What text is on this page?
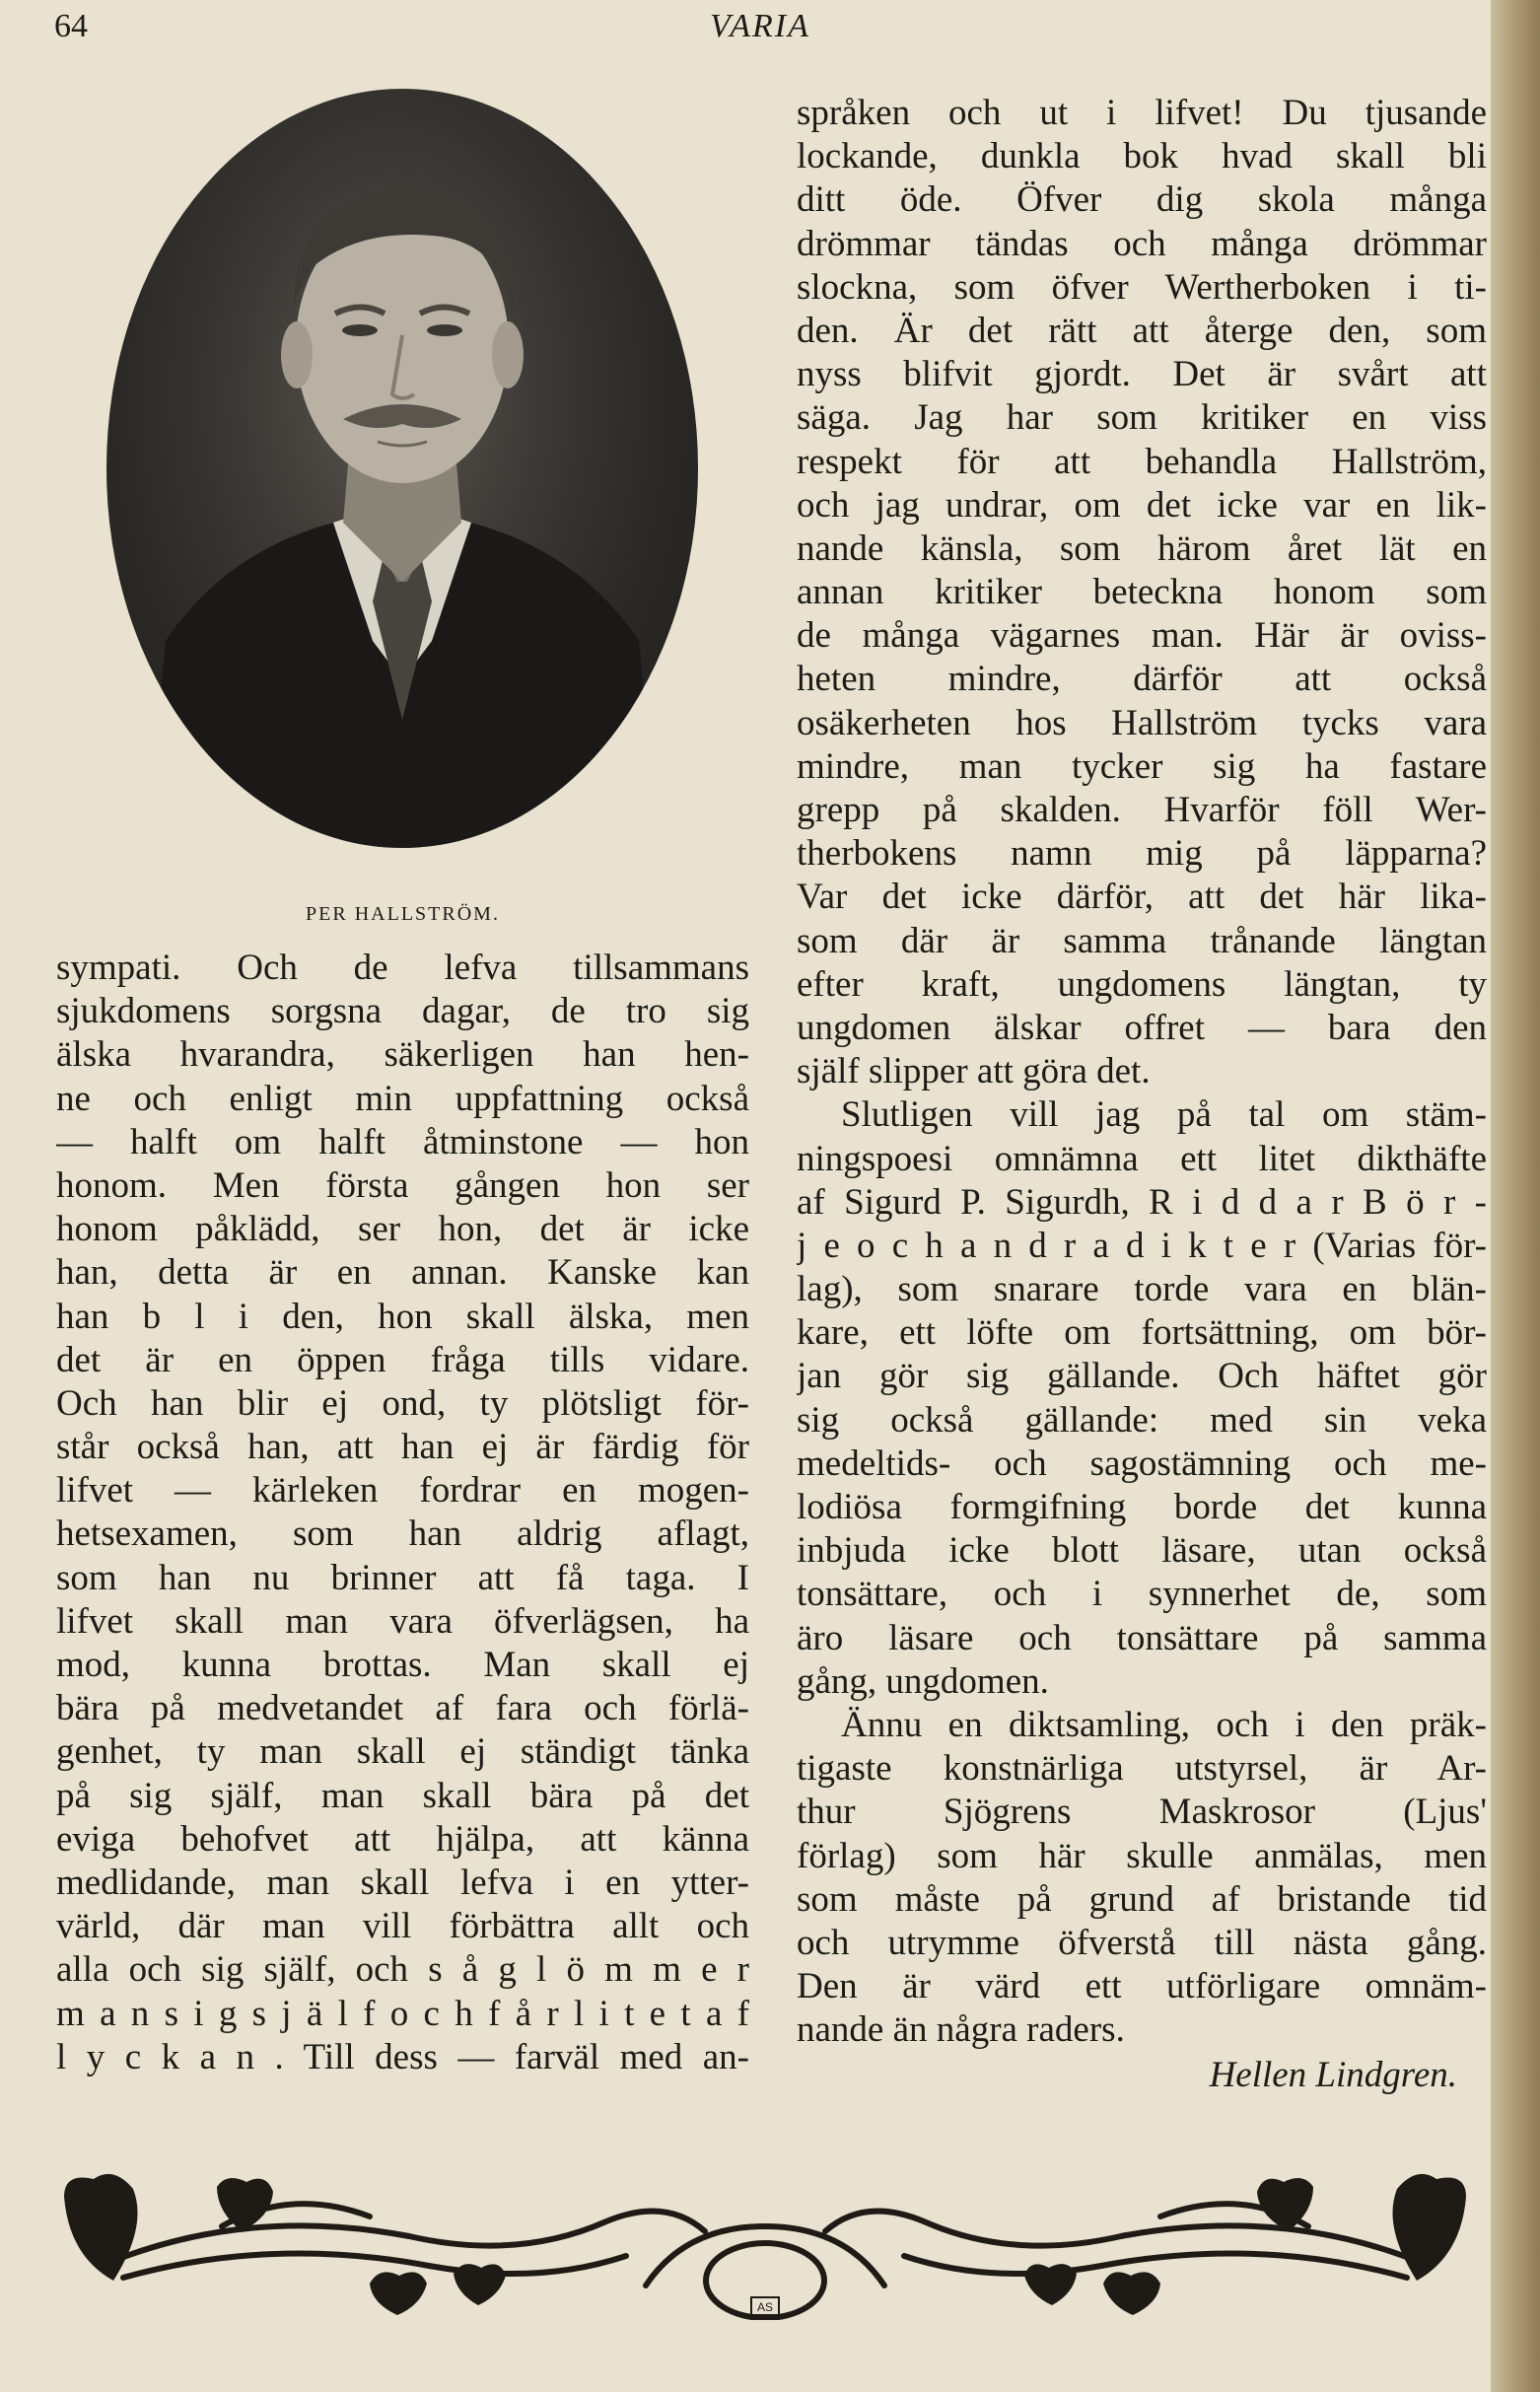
64	VARIA
PER HALLSTRÖM.
sympati. Och de lefva tillsammans
sjukdomens sorgsna dagar, de tro sig
älska hvarandra, säkerligen han hen-
ne och enligt min uppfattning också
— halft om halft åtminstone — hon
honom. Men första gången hon ser
honom påklädd, ser hon, det är icke
han, detta är en annan. Kanske kan
han b l i den, hon skall älska, men
det är en öppen fråga tills vidare.
Och han blir ej ond, ty plötsligt för-
står också han, att han ej är färdig för
lifvet — kärleken fordrar en mogen-
hetsexamen, som han aldrig aflagt,
som han nu brinner att få taga. I
lifvet skall man vara öfverlägsen, ha
mod, kunna brottas. Man skall ej
bära på medvetandet af fara och förlä-
genhet, ty man skall ej ständigt tänka
på sig själf, man skall bära på det
eviga behofvet att hjälpa, att känna
medlidande, man skall lefva i en ytter-
värld, där man vill förbättra allt och
alla och sig själf, och s å g l ö m m e r
m a n s i g s j ä l f o c h f å r l i t e t a f
l y c k a n . Till dess — farväl med an-
språken och ut i lifvet! Du tjusande
lockande, dunkla bok hvad skall bli
ditt öde. Öfver dig skola många
drömmar tändas och många drömmar
slockna, som öfver Wertherboken i ti-
den. Är det rätt att återge den, som
nyss blifvit gjordt. Det är svårt att
säga. Jag har som kritiker en viss
respekt för att behandla Hallström,
och jag undrar, om det icke var en lik-
nande känsla, som härom året lät en
annan kritiker beteckna honom som
de många vägarnes man. Här är oviss-
heten mindre, därför att också
osäkerheten hos Hallström tycks vara
mindre, man tycker sig ha fastare
grepp på skalden. Hvarför föll Wer-
therbokens namn mig på läpparna?
Var det icke därför, att det här lika-
som där är samma trånande längtan
efter kraft, ungdomens längtan, ty
ungdomen älskar offret — bara den
själf slipper att göra det.
Slutligen vill jag på tal om stäm-
ningspoesi omnämna ett litet dikthäfte
af Sigurd P. Sigurdh, R i d d a r B ö r -
j e o c h a n d r a d i k t e r (Varias för-
lag), som snarare torde vara en blän-
kare, ett löfte om fortsättning, om bör-
jan gör sig gällande. Och häftet gör
sig också gällande: med sin veka
medeltids- och sagostämning och me-
lodiösa formgifning borde det kunna
inbjuda icke blott läsare, utan också
tonsättare, och i synnerhet de, som
äro läsare och tonsättare på samma
gång, ungdomen.
Ännu en diktsamling, och i den präk-
tigaste konstnärliga utstyrsel, är Ar-
thur Sjögrens Maskrosor (Ljus'
förlag) som här skulle anmälas, men
som måste på grund af bristande tid
och utrymme öfverstå till nästa gång.
Den är värd ett utförligare omnäm-
nande än några raders.
Hellen Lindgren.
AS
